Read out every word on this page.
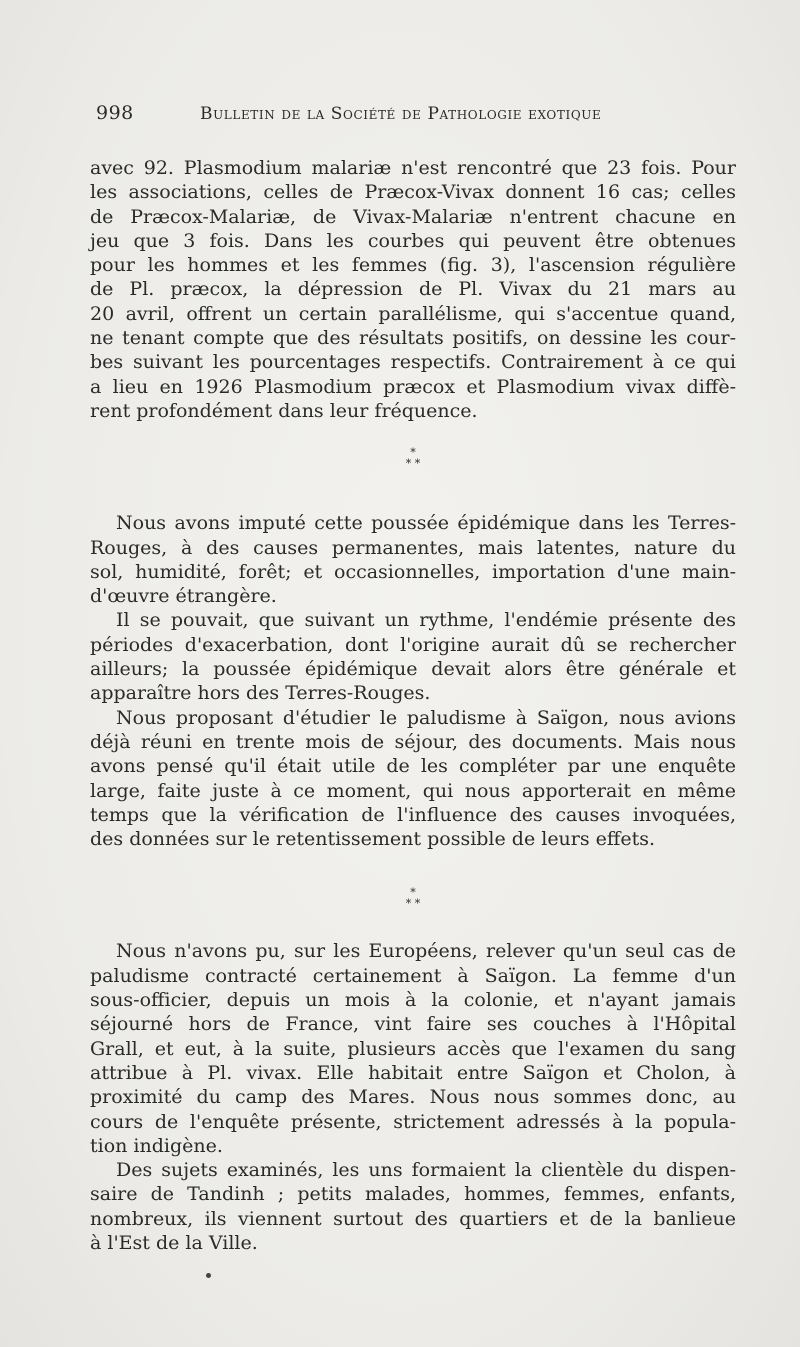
998	Bulletin de la Société de Pathologie exotique
avec 92. Plasmodium malariæ n'est rencontré que 23 fois. Pour
les associations, celles de Præcox-Vivax donnent 16 cas; celles
de Præcox-Malariæ, de Vivax-Malariæ n'entrent chacune en
jeu que 3 fois. Dans les courbes qui peuvent être obtenues
pour les hommes et les femmes (fig. 3), l'ascension régulière
de Pl. præcox, la dépression de Pl. Vivax du 21 mars au
20 avril, offrent un certain parallélisme, qui s'accentue quand,
ne tenant compte que des résultats positifs, on dessine les cour-
bes suivant les pourcentages respectifs. Contrairement à ce qui
a lieu en 1926 Plasmodium præcox et Plasmodium vivax diffè-
rent profondément dans leur fréquence.
*
* *
Nous avons imputé cette poussée épidémique dans les Terres-
Rouges, à des causes permanentes, mais latentes, nature du
sol, humidité, forêt; et occasionnelles, importation d'une main-
d'œuvre étrangère.
Il se pouvait, que suivant un rythme, l'endémie présente des
périodes d'exacerbation, dont l'origine aurait dû se rechercher
ailleurs; la poussée épidémique devait alors être générale et
apparaître hors des Terres-Rouges.
Nous proposant d'étudier le paludisme à Saïgon, nous avions
déjà réuni en trente mois de séjour, des documents. Mais nous
avons pensé qu'il était utile de les compléter par une enquête
large, faite juste à ce moment, qui nous apporterait en même
temps que la vérification de l'influence des causes invoquées,
des données sur le retentissement possible de leurs effets.
*
* *
Nous n'avons pu, sur les Européens, relever qu'un seul cas de
paludisme contracté certainement à Saïgon. La femme d'un
sous-officier, depuis un mois à la colonie, et n'ayant jamais
séjourné hors de France, vint faire ses couches à l'Hôpital
Grall, et eut, à la suite, plusieurs accès que l'examen du sang
attribue à Pl. vivax. Elle habitait entre Saïgon et Cholon, à
proximité du camp des Mares. Nous nous sommes donc, au
cours de l'enquête présente, strictement adressés à la popula-
tion indigène.
Des sujets examinés, les uns formaient la clientèle du dispen-
saire de Tandinh ; petits malades, hommes, femmes, enfants,
nombreux, ils viennent surtout des quartiers et de la banlieue
à l'Est de la Ville.
